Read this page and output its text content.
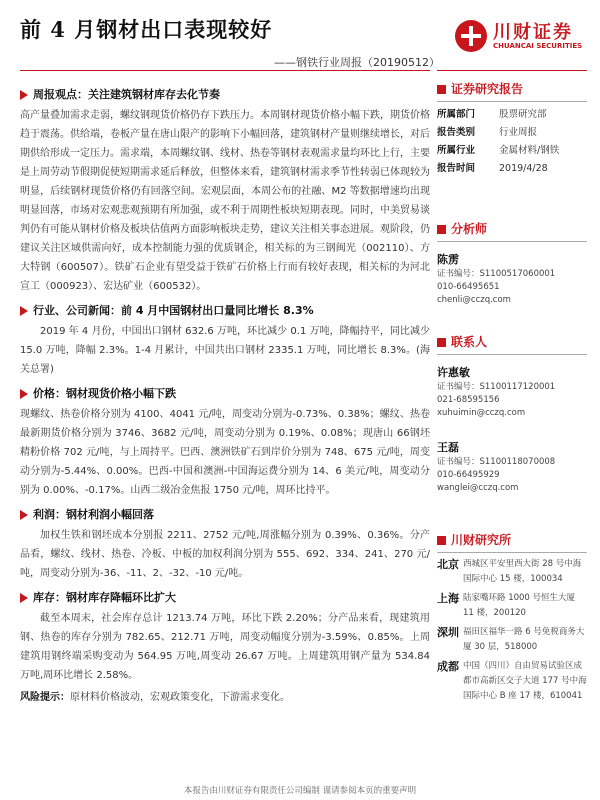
前 4 月钢材出口表现较好
——钢铁行业周报（20190512）
川财证券
CHUANCAI SECURITIES
周报观点：关注建筑钢材库存去化节奏
高产量叠加需求走弱，螺纹钢现货价格仍存下跌压力。本周钢材现货价格小幅下跌，期货价格趋于震荡。供给端，卷板产量在唐山限产的影响下小幅回落，建筑钢材产量则继续增长，对后期供给形成一定压力。需求端，本周螺纹钢、线材、热卷等钢材表观需求量均环比上行，主要是上周劳动节假期促使短期需求延后释放，但整体来看，建筑钢材需求季节性转弱已体现较为明显，后续钢材现货价格仍有回落空间。宏观层面，本周公布的社融、M2 等数据增速均出现明显回落，市场对宏观悲观预期有所加强，或不利于周期性板块短期表现。同时，中美贸易谈判仍有可能从钢材价格及板块估值两方面影响板块走势，建议关注相关事态进展。观阶段，仍建议关注区域供需向好，成本控制能力强的优质钢企，相关标的为三钢闽光（002110）、方大特钢（600507）。铁矿石企业有望受益于铁矿石价格上行而有较好表现，相关标的为河北宣工（000923）、宏达矿业（600532）。
行业、公司新闻：前 4 月中国钢材出口量同比增长 8.3%
2019 年 4 月份，中国出口钢材 632.6 万吨，环比减少 0.1 万吨，降幅持平，同比减少 15.0 万吨，降幅 2.3%。1-4 月累计，中国共出口钢材 2335.1 万吨，同比增长 8.3%。(海关总署)
价格：钢材现货价格小幅下跌
现螺纹、热卷价格分别为 4100、4041 元/吨，周变动分别为-0.73%、0.38%；螺纹、热卷最新期货价格分别为 3746、3682 元/吨，周变动分别为 0.19%、0.08%；现唐山 66钢坯精粉价格 702 元/吨，与上周持平。巴西、澳洲铁矿石到岸价分别为 748、675 元/吨，周变动分别为-5.44%、0.00%。巴西-中国和澳洲-中国海运费分别为 14、6 美元/吨，周变动分别为 0.00%、-0.17%。山西二级冶金焦报 1750 元/吨，周环比持平。
利润：钢材利润小幅回落
加权生铁和钢坯成本分别报 2211、2752 元/吨,周涨幅分别为 0.39%、0.36%。分产品看，螺纹、线材、热卷、冷板、中板的加权利润分别为 555、692、334、241、270 元/吨，周变动分别为-36、-11、2、-32、-10 元/吨。
库存：钢材库存降幅环比扩大
截至本周末，社会库存总计 1213.74 万吨，环比下跌 2.20%；分产品来看，现建筑用钢、热卷的库存分别为 782.65、212.71 万吨，周变动幅度分别为-3.59%、0.85%。上周建筑用钢终端采购变动为 564.95 万吨,周变动 26.67 万吨。上周建筑用钢产量为 534.84 万吨,周环比增长 2.58%。
风险提示：原材料价格波动，宏观政策变化，下游需求变化。
证券研究报告
所属部门	股票研究部
报告类别	行业周报
所属行业	金属材料/钢铁
报告时间	2019/4/28
分析师
陈雳
证书编号：S1100517060001
010-66495651
chenli@cczq.com
联系人
许惠敏
证书编号：S1100117120001
021-68595156
xuhuimin@cczq.com
王磊
证书编号：S1100118070008
010-66495929
wanglei@cczq.com
川财研究所
北京 西城区平安里西大街 28 号中海国际中心 15 楼，100034
上海 陆家嘴环路 1000 号恒生大厦 11 楼，200120
深圳 福田区福华一路 6 号免税商务大厦 30 层，518000
成都 中国（四川）自由贸易试验区成都市高新区交子大道 177 号中海国际中心 B 座 17 楼，610041
本报告由川财证券有限责任公司编制 谨请参阅本页的重要声明
